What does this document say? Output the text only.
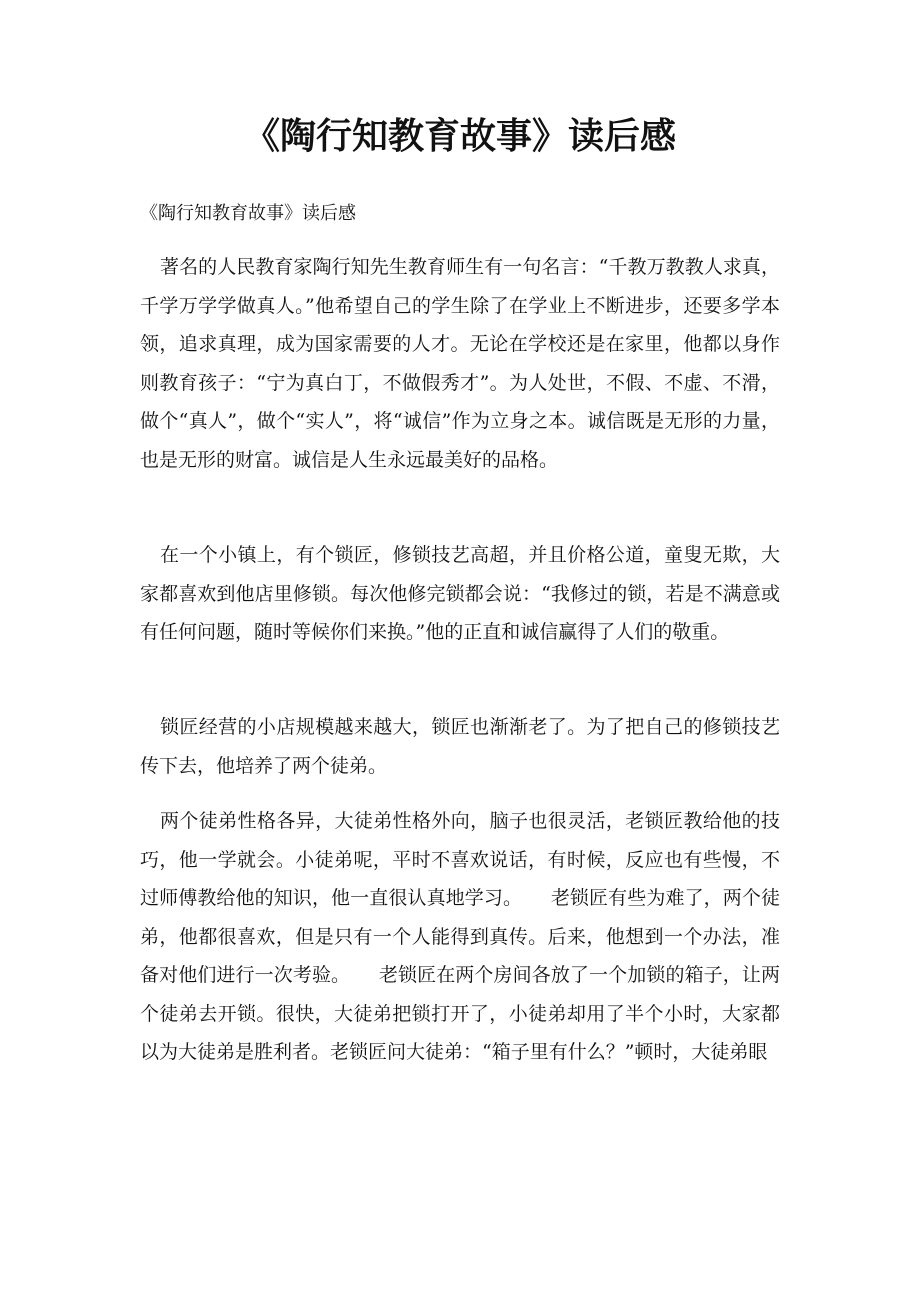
《陶行知教育故事》读后感

《陶行知教育故事》读后感

著名的人民教育家陶行知先生教育师生有一句名言：“千教万教教人求真，千学万学学做真人。”他希望自己的学生除了在学业上不断进步，还要多学本领，追求真理，成为国家需要的人才。无论在学校还是在家里，他都以身作则教育孩子：“宁为真白丁，不做假秀才”。为人处世，不假、不虚、不滑，做个“真人”，做个“实人”，将“诚信”作为立身之本。诚信既是无形的力量，也是无形的财富。诚信是人生永远最美好的品格。

在一个小镇上，有个锁匠，修锁技艺高超，并且价格公道，童叟无欺，大家都喜欢到他店里修锁。每次他修完锁都会说：“我修过的锁，若是不满意或有任何问题，随时等候你们来换。”他的正直和诚信赢得了人们的敬重。

锁匠经营的小店规模越来越大，锁匠也渐渐老了。为了把自己的修锁技艺传下去，他培养了两个徒弟。

两个徒弟性格各异，大徒弟性格外向，脑子也很灵活，老锁匠教给他的技巧，他一学就会。小徒弟呢，平时不喜欢说话，有时候，反应也有些慢，不过师傅教给他的知识，他一直很认真地学习。　　老锁匠有些为难了，两个徒弟，他都很喜欢，但是只有一个人能得到真传。后来，他想到一个办法，准备对他们进行一次考验。　　老锁匠在两个房间各放了一个加锁的箱子，让两个徒弟去开锁。很快，大徒弟把锁打开了，小徒弟却用了半个小时，大家都以为大徒弟是胜利者。老锁匠问大徒弟：“箱子里有什么？”顿时，大徒弟眼
